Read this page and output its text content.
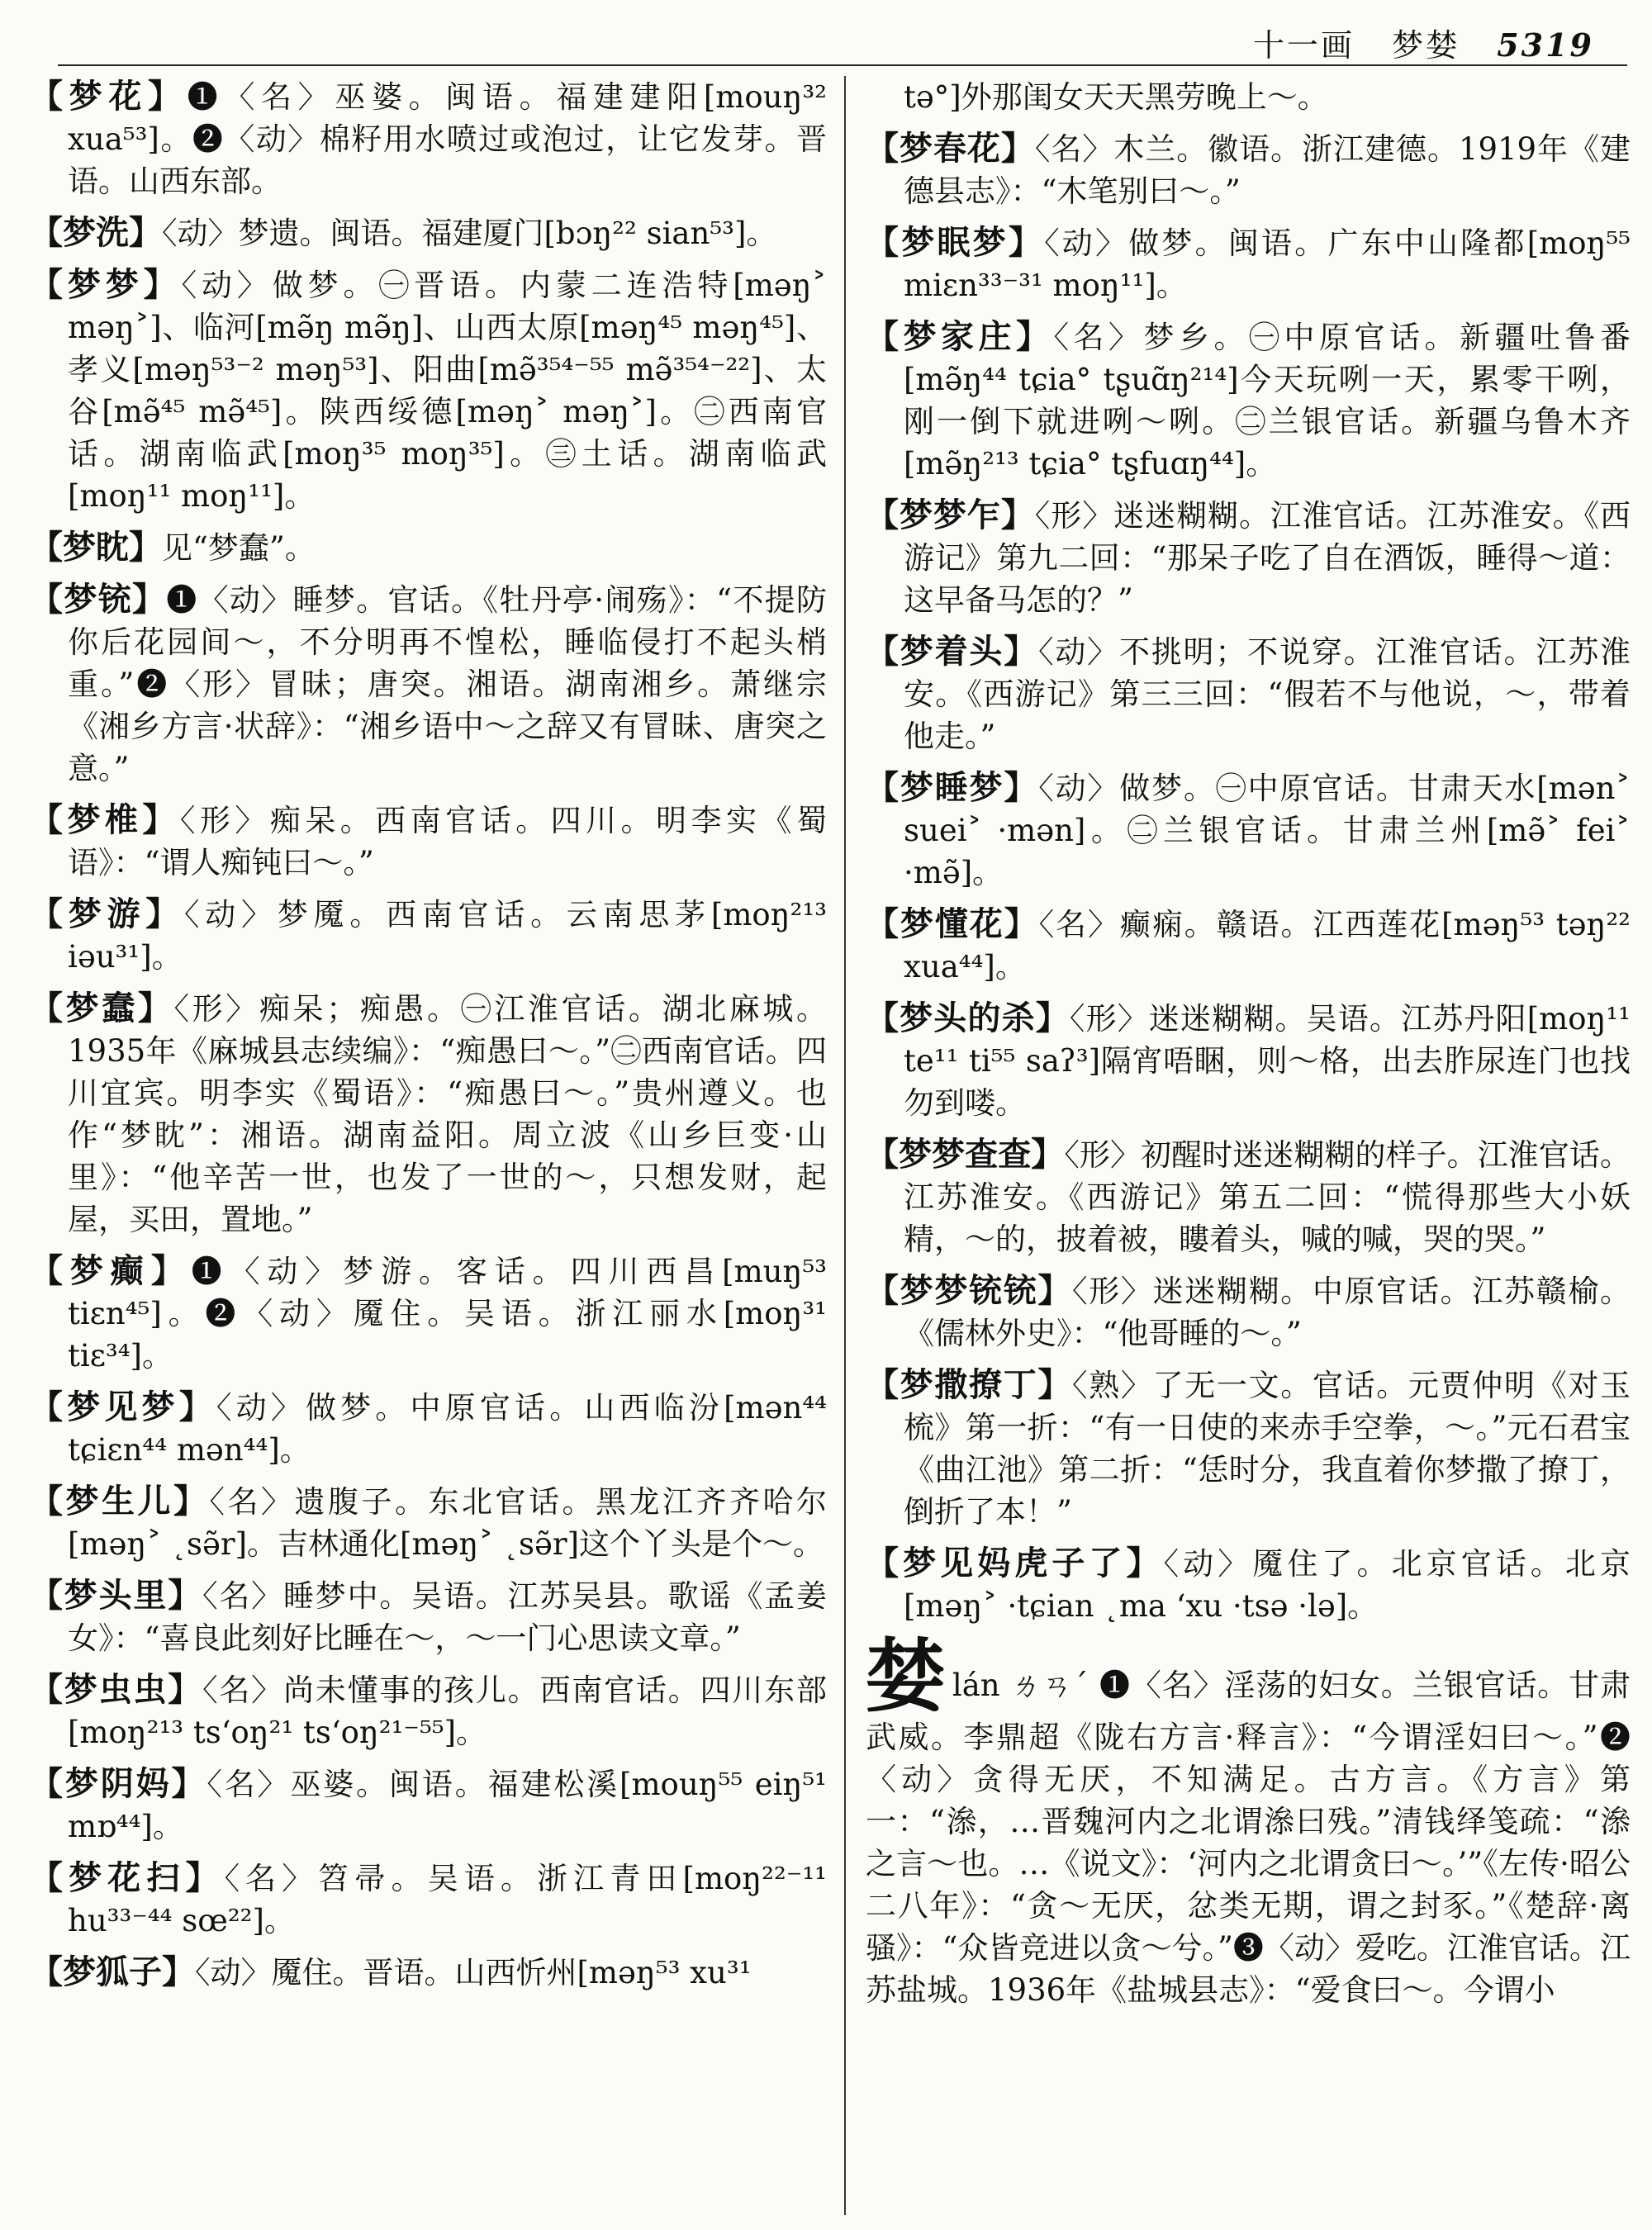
十一画 梦婪 5319

【梦花】❶〈名〉巫婆。闽语。福建建阳[mouŋ³² xua⁵³]。❷〈动〉棉籽用水喷过或泡过，让它发芽。晋语。山西东部。

【梦洗】〈动〉梦遗。闽语。福建厦门[bɔŋ²² sian⁵³]。

【梦梦】〈动〉做梦。㊀晋语。内蒙二连浩特[məŋ˃ məŋ˃]、临河[mə̃ŋ mə̃ŋ]、山西太原[məŋ⁴⁵ məŋ⁴⁵]、孝义[məŋ⁵³⁻² məŋ⁵³]、阳曲[mə̃³⁵⁴⁻⁵⁵ mə̃³⁵⁴⁻²²]、太谷[mə̃⁴⁵ mə̃⁴⁵]。陕西绥德[məŋ˃ məŋ˃]。㊁西南官话。湖南临武[moŋ³⁵ moŋ³⁵]。㊂土话。湖南临武[moŋ¹¹ moŋ¹¹]。

【梦眈】见“梦蠢”。

【梦铳】❶〈动〉睡梦。官话。《牡丹亭·闹殇》：“不提防你后花园间～，不分明再不惶松，睡临侵打不起头梢重。”❷〈形〉冒昧；唐突。湘语。湖南湘乡。萧继宗《湘乡方言·状辞》：“湘乡语中～之辞又有冒昧、唐突之意。”

【梦椎】〈形〉痴呆。西南官话。四川。明李实《蜀语》：“谓人痴钝曰～。”

【梦游】〈动〉梦魇。西南官话。云南思茅[moŋ²¹³ iəu³¹]。

【梦蠢】〈形〉痴呆；痴愚。㊀江淮官话。湖北麻城。1935年《麻城县志续编》：“痴愚曰～。”㊁西南官话。四川宜宾。明李实《蜀语》：“痴愚曰～。”贵州遵义。也作“梦眈”：湘语。湖南益阳。周立波《山乡巨变·山里》：“他辛苦一世，也发了一世的～，只想发财，起屋，买田，置地。”

【梦癫】❶〈动〉梦游。客话。四川西昌[muŋ⁵³ tiɛn⁴⁵]。❷〈动〉魇住。吴语。浙江丽水[moŋ³¹ tiɛ³⁴]。

【梦见梦】〈动〉做梦。中原官话。山西临汾[mən⁴⁴ tɕiɛn⁴⁴ mən⁴⁴]。

【梦生儿】〈名〉遗腹子。东北官话。黑龙江齐齐哈尔[məŋ˃ ˛sə̃r]。吉林通化[məŋ˃ ˛sə̃r]这个丫头是个～。

【梦头里】〈名〉睡梦中。吴语。江苏吴县。歌谣《孟姜女》：“喜良此刻好比睡在～，～一门心思读文章。”

【梦虫虫】〈名〉尚未懂事的孩儿。西南官话。四川东部[moŋ²¹³ tsʻoŋ²¹ tsʻoŋ²¹⁻⁵⁵]。

【梦阴妈】〈名〉巫婆。闽语。福建松溪[mouŋ⁵⁵ eiŋ⁵¹ mɒ⁴⁴]。

【梦花扫】〈名〉笤帚。吴语。浙江青田[moŋ²²⁻¹¹ hu³³⁻⁴⁴ sœ²²]。

【梦狐子】〈动〉魇住。晋语。山西忻州[məŋ⁵³ xu³¹

tə°]外那闺女天天黑劳晚上～。

【梦春花】〈名〉木兰。徽语。浙江建德。1919年《建德县志》：“木笔别曰～。”

【梦眠梦】〈动〉做梦。闽语。广东中山隆都[moŋ⁵⁵ miɛn³³⁻³¹ moŋ¹¹]。

【梦家庄】〈名〉梦乡。㊀中原官话。新疆吐鲁番[mə̃ŋ⁴⁴ tɕia° tʂuɑ̃ŋ²¹⁴]今天玩咧一天，累零干咧，刚一倒下就进咧～咧。㊁兰银官话。新疆乌鲁木齐[mə̃ŋ²¹³ tɕia° tʂfuɑŋ⁴⁴]。

【梦梦乍】〈形〉迷迷糊糊。江淮官话。江苏淮安。《西游记》第九二回：“那呆子吃了自在酒饭，睡得～道：这早备马怎的？”

【梦着头】〈动〉不挑明；不说穿。江淮官话。江苏淮安。《西游记》第三三回：“假若不与他说，～，带着他走。”

【梦睡梦】〈动〉做梦。㊀中原官话。甘肃天水[mən˃ suei˃ ·mən]。㊁兰银官话。甘肃兰州[mə̃˃ fei˃ ·mə̃]。

【梦懂花】〈名〉癫痫。赣语。江西莲花[məŋ⁵³ təŋ²² xua⁴⁴]。

【梦头的杀】〈形〉迷迷糊糊。吴语。江苏丹阳[moŋ¹¹ te¹¹ ti⁵⁵ saʔ³]隔宵唔睏，则～格，出去胙尿连门也找勿到喽。

【梦梦查查】〈形〉初醒时迷迷糊糊的样子。江淮官话。江苏淮安。《西游记》第五二回：“慌得那些大小妖精，～的，披着被，瞜着头，喊的喊，哭的哭。”

【梦梦铳铳】〈形〉迷迷糊糊。中原官话。江苏赣榆。《儒林外史》：“他哥睡的～。”

【梦撒撩丁】〈熟〉了无一文。官话。元贾仲明《对玉梳》第一折：“有一日使的来赤手空拳，～。”元石君宝《曲江池》第二折：“恁时分，我直着你梦撒了撩丁，倒折了本！”

【梦见妈虎子了】〈动〉魇住了。北京官话。北京[məŋ˃ ·tɕian ˛ma ʻxu ·tsə ·lə]。

婪lán ㄌㄢˊ ❶〈名〉淫荡的妇女。兰银官话。甘肃武威。李鼎超《陇右方言·释言》：“今谓淫妇曰～。”❷〈动〉贪得无厌，不知满足。古方言。《方言》第一：“㵕，…晋魏河内之北谓㵕曰残。”清钱绎笺疏：“㵕之言～也。…《说文》：‘河内之北谓贪曰～。’”《左传·昭公二八年》：“贪～无厌，忿类无期，谓之封豕。”《楚辞·离骚》：“众皆竞进以贪～兮。”❸〈动〉爱吃。江淮官话。江苏盐城。1936年《盐城县志》：“爱食曰～。今谓小
